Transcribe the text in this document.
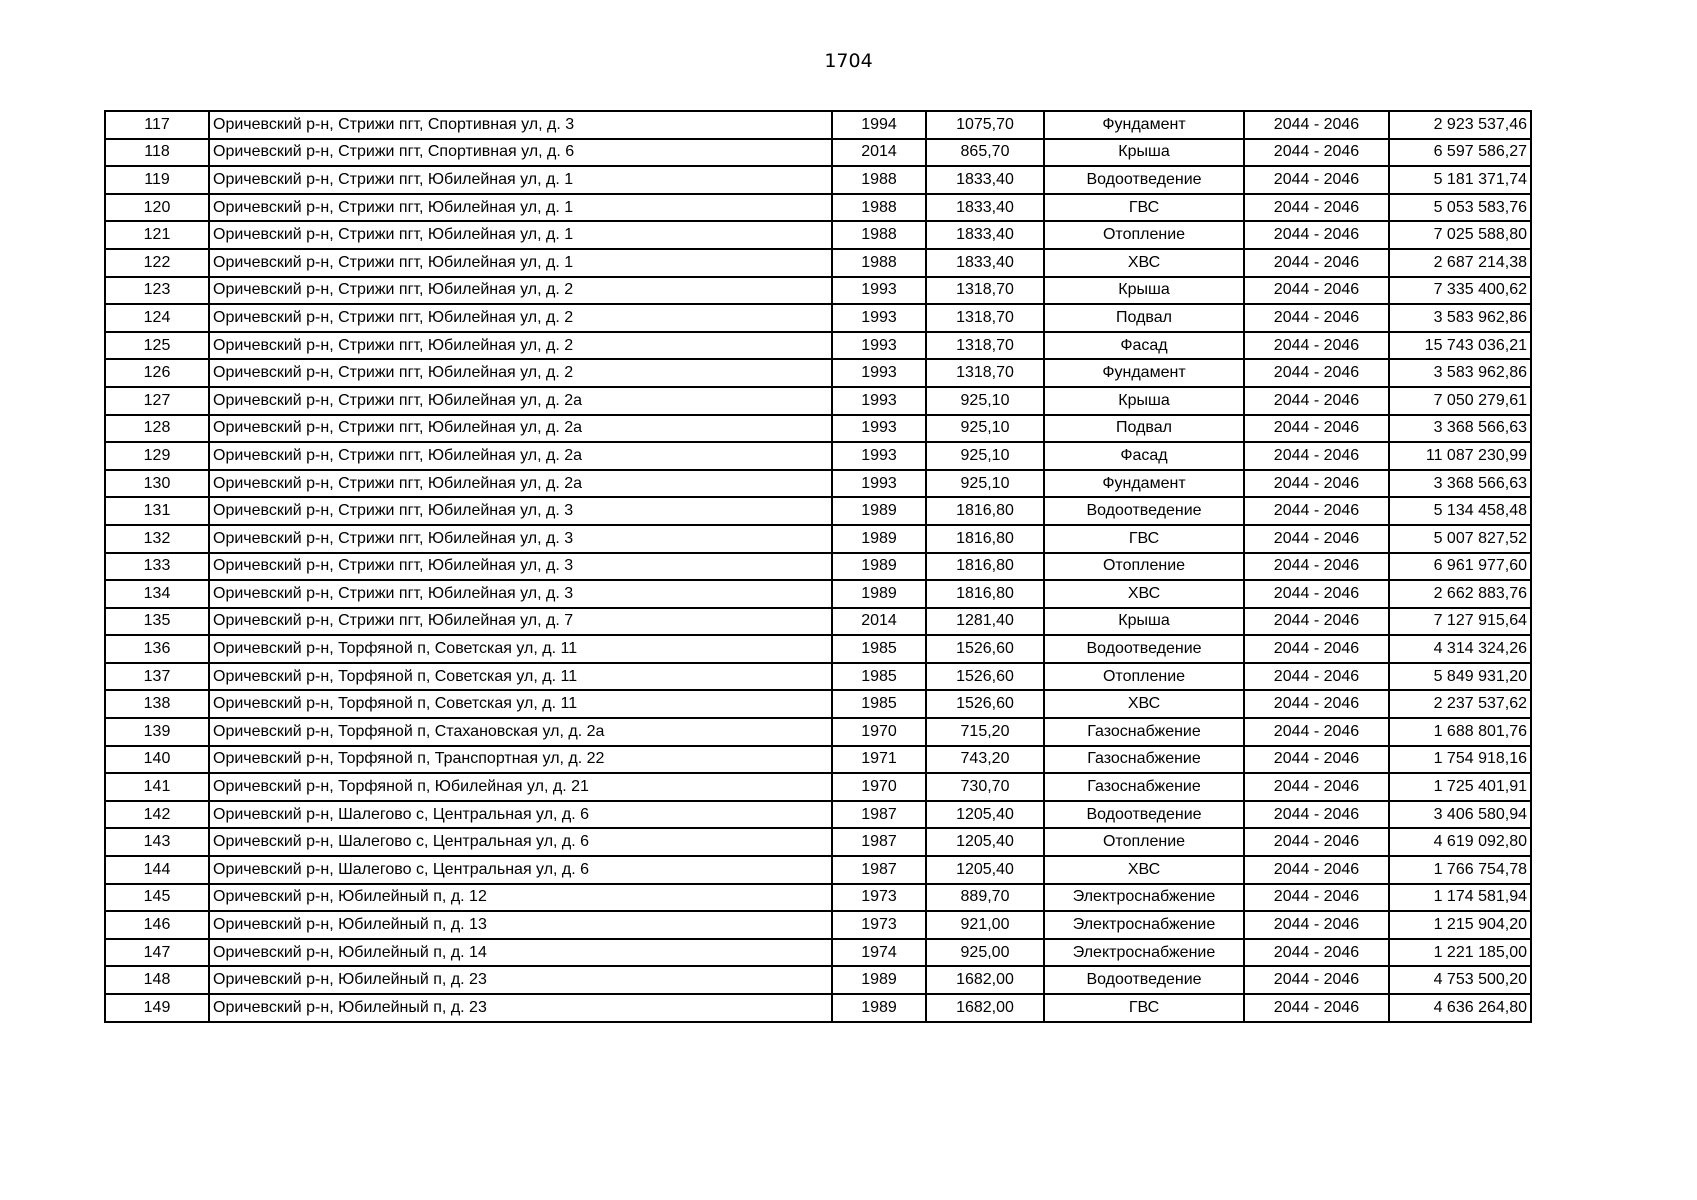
1704
117	Оричевский р-н, Стрижи пгт, Спортивная ул, д. 3	1994	1075,70	Фундамент	2044 - 2046	2 923 537,46
118	Оричевский р-н, Стрижи пгт, Спортивная ул, д. 6	2014	865,70	Крыша	2044 - 2046	6 597 586,27
119	Оричевский р-н, Стрижи пгт, Юбилейная ул, д. 1	1988	1833,40	Водоотведение	2044 - 2046	5 181 371,74
120	Оричевский р-н, Стрижи пгт, Юбилейная ул, д. 1	1988	1833,40	ГВС	2044 - 2046	5 053 583,76
121	Оричевский р-н, Стрижи пгт, Юбилейная ул, д. 1	1988	1833,40	Отопление	2044 - 2046	7 025 588,80
122	Оричевский р-н, Стрижи пгт, Юбилейная ул, д. 1	1988	1833,40	ХВС	2044 - 2046	2 687 214,38
123	Оричевский р-н, Стрижи пгт, Юбилейная ул, д. 2	1993	1318,70	Крыша	2044 - 2046	7 335 400,62
124	Оричевский р-н, Стрижи пгт, Юбилейная ул, д. 2	1993	1318,70	Подвал	2044 - 2046	3 583 962,86
125	Оричевский р-н, Стрижи пгт, Юбилейная ул, д. 2	1993	1318,70	Фасад	2044 - 2046	15 743 036,21
126	Оричевский р-н, Стрижи пгт, Юбилейная ул, д. 2	1993	1318,70	Фундамент	2044 - 2046	3 583 962,86
127	Оричевский р-н, Стрижи пгт, Юбилейная ул, д. 2а	1993	925,10	Крыша	2044 - 2046	7 050 279,61
128	Оричевский р-н, Стрижи пгт, Юбилейная ул, д. 2а	1993	925,10	Подвал	2044 - 2046	3 368 566,63
129	Оричевский р-н, Стрижи пгт, Юбилейная ул, д. 2а	1993	925,10	Фасад	2044 - 2046	11 087 230,99
130	Оричевский р-н, Стрижи пгт, Юбилейная ул, д. 2а	1993	925,10	Фундамент	2044 - 2046	3 368 566,63
131	Оричевский р-н, Стрижи пгт, Юбилейная ул, д. 3	1989	1816,80	Водоотведение	2044 - 2046	5 134 458,48
132	Оричевский р-н, Стрижи пгт, Юбилейная ул, д. 3	1989	1816,80	ГВС	2044 - 2046	5 007 827,52
133	Оричевский р-н, Стрижи пгт, Юбилейная ул, д. 3	1989	1816,80	Отопление	2044 - 2046	6 961 977,60
134	Оричевский р-н, Стрижи пгт, Юбилейная ул, д. 3	1989	1816,80	ХВС	2044 - 2046	2 662 883,76
135	Оричевский р-н, Стрижи пгт, Юбилейная ул, д. 7	2014	1281,40	Крыша	2044 - 2046	7 127 915,64
136	Оричевский р-н, Торфяной п, Советская ул, д. 11	1985	1526,60	Водоотведение	2044 - 2046	4 314 324,26
137	Оричевский р-н, Торфяной п, Советская ул, д. 11	1985	1526,60	Отопление	2044 - 2046	5 849 931,20
138	Оричевский р-н, Торфяной п, Советская ул, д. 11	1985	1526,60	ХВС	2044 - 2046	2 237 537,62
139	Оричевский р-н, Торфяной п, Стахановская ул, д. 2а	1970	715,20	Газоснабжение	2044 - 2046	1 688 801,76
140	Оричевский р-н, Торфяной п, Транспортная ул, д. 22	1971	743,20	Газоснабжение	2044 - 2046	1 754 918,16
141	Оричевский р-н, Торфяной п, Юбилейная ул, д. 21	1970	730,70	Газоснабжение	2044 - 2046	1 725 401,91
142	Оричевский р-н, Шалегово с, Центральная ул, д. 6	1987	1205,40	Водоотведение	2044 - 2046	3 406 580,94
143	Оричевский р-н, Шалегово с, Центральная ул, д. 6	1987	1205,40	Отопление	2044 - 2046	4 619 092,80
144	Оричевский р-н, Шалегово с, Центральная ул, д. 6	1987	1205,40	ХВС	2044 - 2046	1 766 754,78
145	Оричевский р-н, Юбилейный п, д. 12	1973	889,70	Электроснабжение	2044 - 2046	1 174 581,94
146	Оричевский р-н, Юбилейный п, д. 13	1973	921,00	Электроснабжение	2044 - 2046	1 215 904,20
147	Оричевский р-н, Юбилейный п, д. 14	1974	925,00	Электроснабжение	2044 - 2046	1 221 185,00
148	Оричевский р-н, Юбилейный п, д. 23	1989	1682,00	Водоотведение	2044 - 2046	4 753 500,20
149	Оричевский р-н, Юбилейный п, д. 23	1989	1682,00	ГВС	2044 - 2046	4 636 264,80
